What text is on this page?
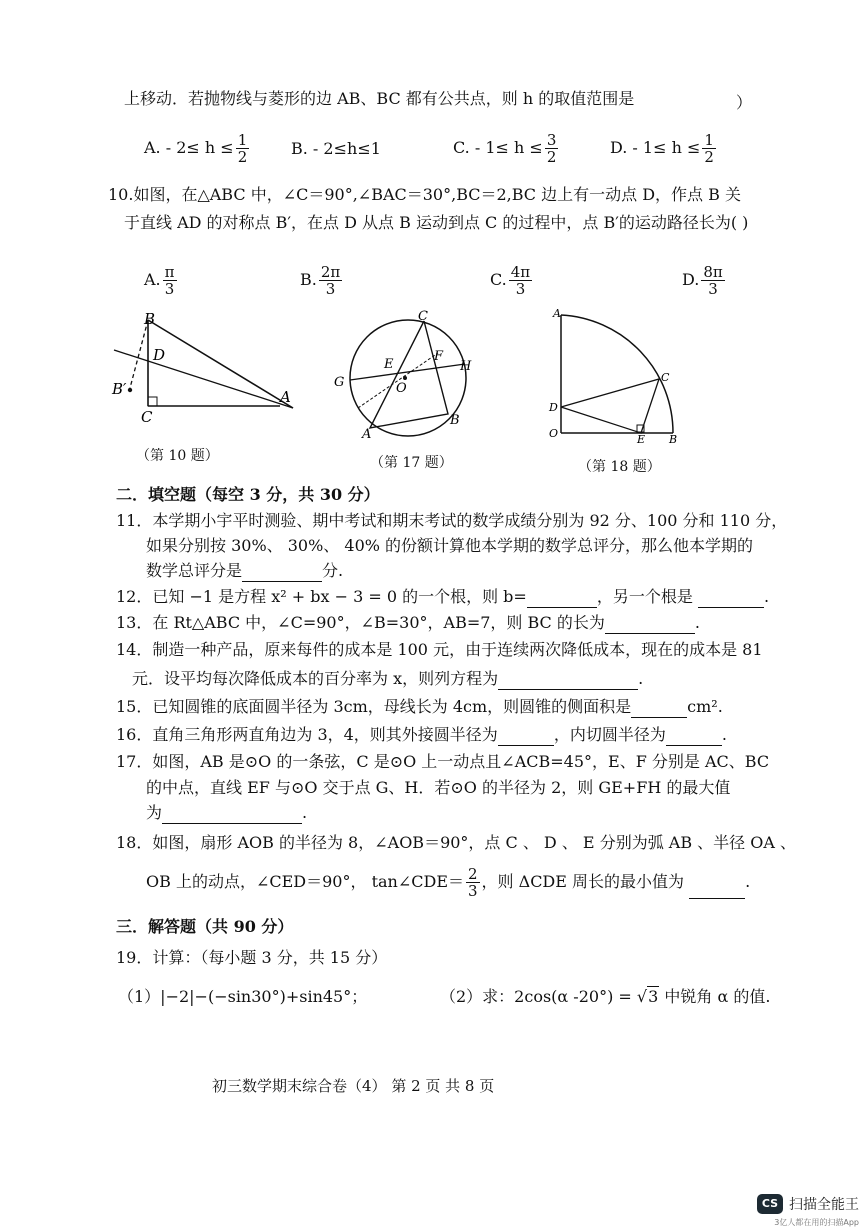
上移动．若抛物线与菱形的边 AB、BC 都有公共点，则 h 的取值范围是	）
A. - $2\le h \le \frac{1}{2}$	B. - 2≤h≤1	C. - $1\le h \le \frac{3}{2}$	D. - $1\le h \le \frac{1}{2}$
10.如图，在△ABC 中，∠C＝90°,∠BAC＝30°,BC＝2,BC 边上有一动点 D，作点 B 关
于直线 AD 的对称点 B′，在点 D 从点 B 运动到点 C 的过程中，点 B′的运动路径长为( )
A. $\frac{\pi}{3}$	B. $\frac{2\pi}{3}$	C. $\frac{4\pi}{3}$	D. $\frac{8\pi}{3}$
B
D
B′
C
A
（第 10 题）
C
E
F
H
G	O
A
B
（第 17 题）
A
C
D
O	E B
（第 18 题）
二．填空题（每空 3 分，共 30 分）
11．本学期小宇平时测验、期中考试和期末考试的数学成绩分别为 92 分、100 分和 110 分，
如果分别按 30%、 30%、 40% 的份额计算他本学期的数学总评分，那么他本学期的
数学总评分是	分.
12．已知 −1 是方程 x² + bx − 3 = 0 的一个根，则 b=	，另一个根是	.
13．在 Rt△ABC 中，∠C=90°，∠B=30°，AB=7，则 BC 的长为	.
14．制造一种产品，原来每件的成本是 100 元，由于连续两次降低成本，现在的成本是 81
元．设平均每次降低成本的百分率为 x，则列方程为	.
15．已知圆锥的底面圆半径为 3cm，母线长为 4cm，则圆锥的侧面积是	cm².
16．直角三角形两直角边为 3，4，则其外接圆半径为	，内切圆半径为	.
17．如图，AB 是⊙O 的一条弦，C 是⊙O 上一动点且∠ACB=45°，E、F 分别是 AC、BC
的中点，直线 EF 与⊙O 交于点 G、H．若⊙O 的半径为 2，则 GE+FH 的最大值
为	.
18．如图，扇形 AOB 的半径为 8，∠AOB＝90°，点 C 、 D 、 E 分别为弧 AB 、半径 OA 、
OB 上的动点，∠CED＝90°， tan∠CDE＝ $\frac{2}{3}$ ，则 ΔCDE 周长的最小值为	.
三．解答题（共 90 分）
19．计算：（每小题 3 分，共 15 分）
（1）|−2|−(−sin30°)+sin45°；	（2）求：2cos(α -20°) = √3 中锐角 α 的值.
初三数学期末综合卷（4） 第 2 页 共 8 页
CS 扫描全能王
3亿人都在用的扫描App
